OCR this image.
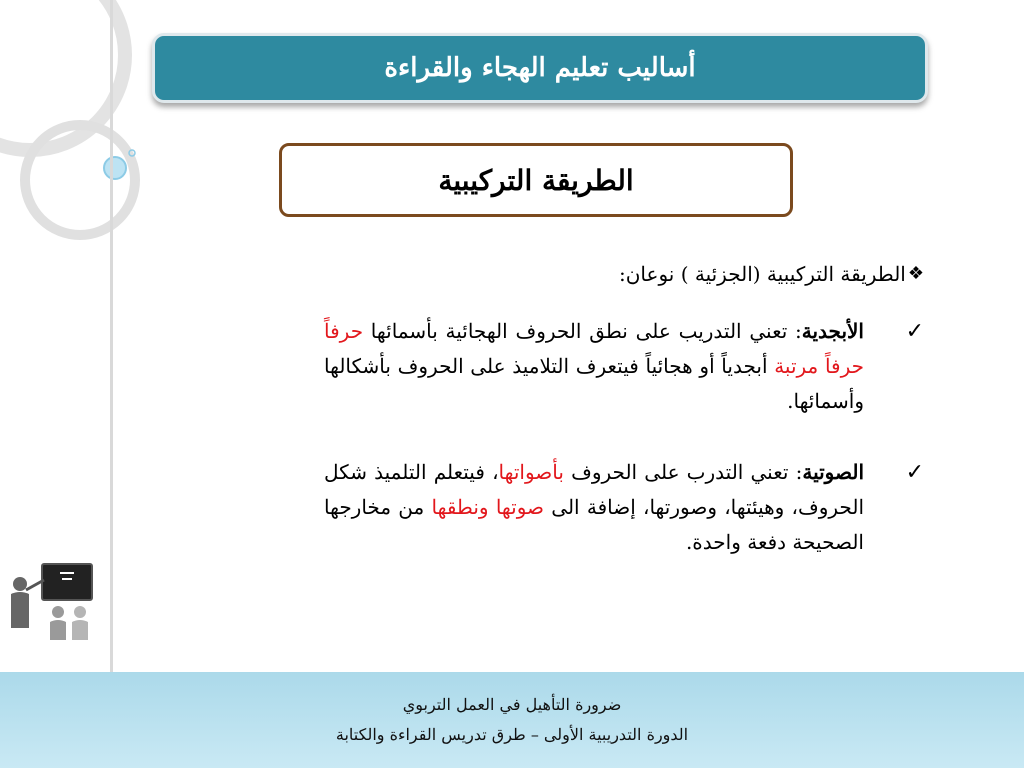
أساليب تعليم الهجاء والقراءة
الطريقة التركيبية
❖
الطريقة التركيبية (الجزئية ) نوعان:
✓
الأبجدية: تعني التدريب على نطق الحروف الهجائية بأسمائها حرفاً حرفاً مرتبة أبجدياً أو هجائياً فيتعرف التلاميذ على الحروف بأشكالها وأسمائها.
✓
الصوتية: تعني التدرب على الحروف بأصواتها، فيتعلم التلميذ شكل الحروف، وهيئتها، وصورتها، إضافة الى صوتها ونطقها من مخارجها الصحيحة دفعة واحدة.
ضرورة التأهيل في العمل التربوي
الدورة التدريبية الأولى – طرق تدريس القراءة والكتابة
